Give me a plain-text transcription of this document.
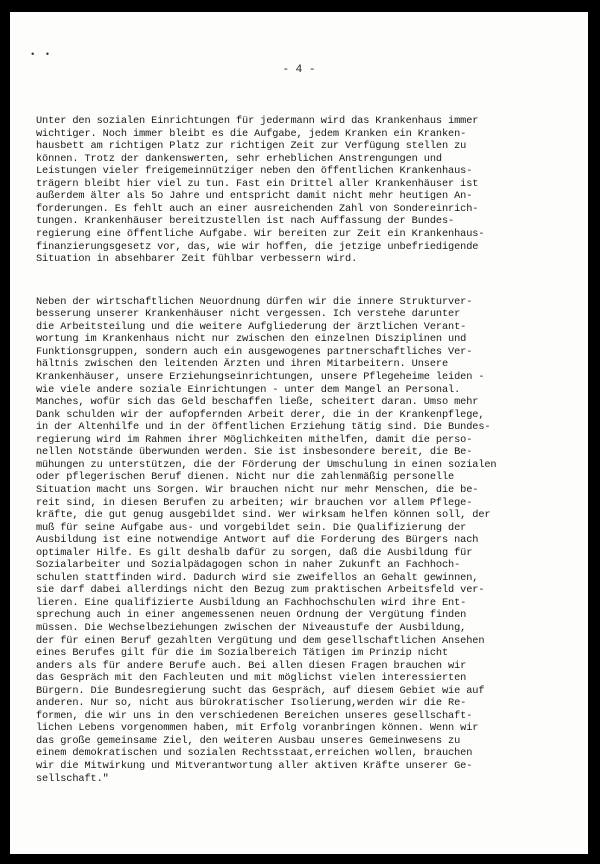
• •
- 4 -

Unter den sozialen Einrichtungen für jedermann wird das Krankenhaus immer
wichtiger. Noch immer bleibt es die Aufgabe, jedem Kranken ein Kranken-
hausbett am richtigen Platz zur richtigen Zeit zur Verfügung stellen zu
können. Trotz der dankenswerten, sehr erheblichen Anstrengungen und
Leistungen vieler freigemeinnütziger neben den öffentlichen Krankenhaus-
trägern bleibt hier viel zu tun. Fast ein Drittel aller Krankenhäuser ist
außerdem älter als 5o Jahre und entspricht damit nicht mehr heutigen An-
forderungen. Es fehlt auch an einer ausreichenden Zahl von Sondereinrich-
tungen. Krankenhäuser bereitzustellen ist nach Auffassung der Bundes-
regierung eine öffentliche Aufgabe. Wir bereiten zur Zeit ein Krankenhaus-
finanzierungsgesetz vor, das, wie wir hoffen, die jetzige unbefriedigende
Situation in absehbarer Zeit fühlbar verbessern wird.

Neben der wirtschaftlichen Neuordnung dürfen wir die innere Strukturver-
besserung unserer Krankenhäuser nicht vergessen. Ich verstehe darunter
die Arbeitsteilung und die weitere Aufgliederung der ärztlichen Verant-
wortung im Krankenhaus nicht nur zwischen den einzelnen Disziplinen und
Funktionsgruppen, sondern auch ein ausgewogenes partnerschaftliches Ver-
hältnis zwischen den leitenden Ärzten und ihren Mitarbeitern. Unsere
Krankenhäuser, unsere Erziehungseinrichtungen, unsere Pflegeheime leiden -
wie viele andere soziale Einrichtungen - unter dem Mangel an Personal.
Manches, wofür sich das Geld beschaffen ließe, scheitert daran. Umso mehr
Dank schulden wir der aufopfernden Arbeit derer, die in der Krankenpflege,
in der Altenhilfe und in der öffentlichen Erziehung tätig sind. Die Bundes-
regierung wird im Rahmen ihrer Möglichkeiten mithelfen, damit die perso-
nellen Notstände überwunden werden. Sie ist insbesondere bereit, die Be-
mühungen zu unterstützen, die der Förderung der Umschulung in einen sozialen
oder pflegerischen Beruf dienen. Nicht nur die zahlenmäßig personelle
Situation macht uns Sorgen. Wir brauchen nicht nur mehr Menschen, die be-
reit sind, in diesen Berufen zu arbeiten; wir brauchen vor allem Pflege-
kräfte, die gut genug ausgebildet sind. Wer wirksam helfen können soll, der
muß für seine Aufgabe aus- und vorgebildet sein. Die Qualifizierung der
Ausbildung ist eine notwendige Antwort auf die Forderung des Bürgers nach
optimaler Hilfe. Es gilt deshalb dafür zu sorgen, daß die Ausbildung für
Sozialarbeiter und Sozialpädagogen schon in naher Zukunft an Fachhoch-
schulen stattfinden wird. Dadurch wird sie zweifellos an Gehalt gewinnen,
sie darf dabei allerdings nicht den Bezug zum praktischen Arbeitsfeld ver-
lieren. Eine qualifizierte Ausbildung an Fachhochschulen wird ihre Ent-
sprechung auch in einer angemessenen neuen Ordnung der Vergütung finden
müssen. Die Wechselbeziehungen zwischen der Niveaustufe der Ausbildung,
der für einen Beruf gezahlten Vergütung und dem gesellschaftlichen Ansehen
eines Berufes gilt für die im Sozialbereich Tätigen im Prinzip nicht
anders als für andere Berufe auch. Bei allen diesen Fragen brauchen wir
das Gespräch mit den Fachleuten und mit möglichst vielen interessierten
Bürgern. Die Bundesregierung sucht das Gespräch, auf diesem Gebiet wie auf
anderen. Nur so, nicht aus bürokratischer Isolierung,werden wir die Re-
formen, die wir uns in den verschiedenen Bereichen unseres gesellschaft-
lichen Lebens vorgenommen haben, mit Erfolg voranbringen können. Wenn wir
das große gemeinsame Ziel, den weiteren Ausbau unseres Gemeinwesens zu
einem demokratischen und sozialen Rechtsstaat,erreichen wollen, brauchen
wir die Mitwirkung und Mitverantwortung aller aktiven Kräfte unserer Ge-
sellschaft."
